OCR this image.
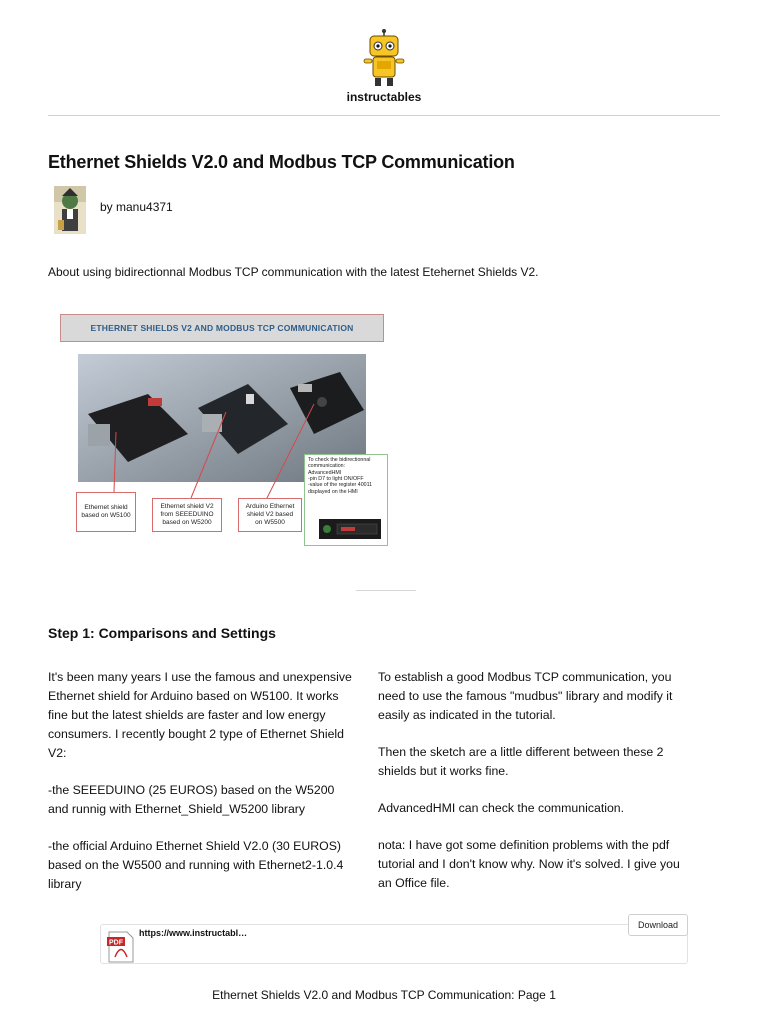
instructables
Ethernet Shields V2.0 and Modbus TCP Communication
by manu4371
About using bidirectionnal Modbus TCP communication with the latest Etehernet Shields V2.
ETHERNET SHIELDS V2 AND MODBUS TCP COMMUNICATION
Ethernet shield
based on W5100
Ethernet shield V2
from SEEEDUINO
based on W5200
Arduino Ethernet
shield V2 based
on W5500

To check the bidirectionnal

communication:

AdvancedHMI

-pin D7 to light ON/OFF

-value of the register 40011

displayed on the HMI

Step 1: Comparisons and Settings

It's been many years I use the famous and unexpensive Ethernet shield for Arduino based on W5100. It works fine but the latest shields are faster and low energy consumers. I recently bought 2 type of Ethernet Shield V2:

-the SEEEDUINO (25 EUROS) based on the W5200 and runnig with Ethernet_Shield_W5200 library

-the official Arduino Ethernet Shield V2.0 (30 EUROS) based on the W5500 and running with Ethernet2-1.0.4 library

To establish a good Modbus TCP communication, you need to use the famous "mudbus" library and modify it easily as indicated in the tutorial.

Then the sketch are a little different between these 2 shields but it works fine.

AdvancedHMI can check the communication.

nota: I have got some definition problems with the pdf tutorial and I don't know why. Now it's solved. I give you an Office file.

PDF
https://www.instructabl…
Download
Ethernet Shields V2.0 and Modbus TCP Communication: Page 1
